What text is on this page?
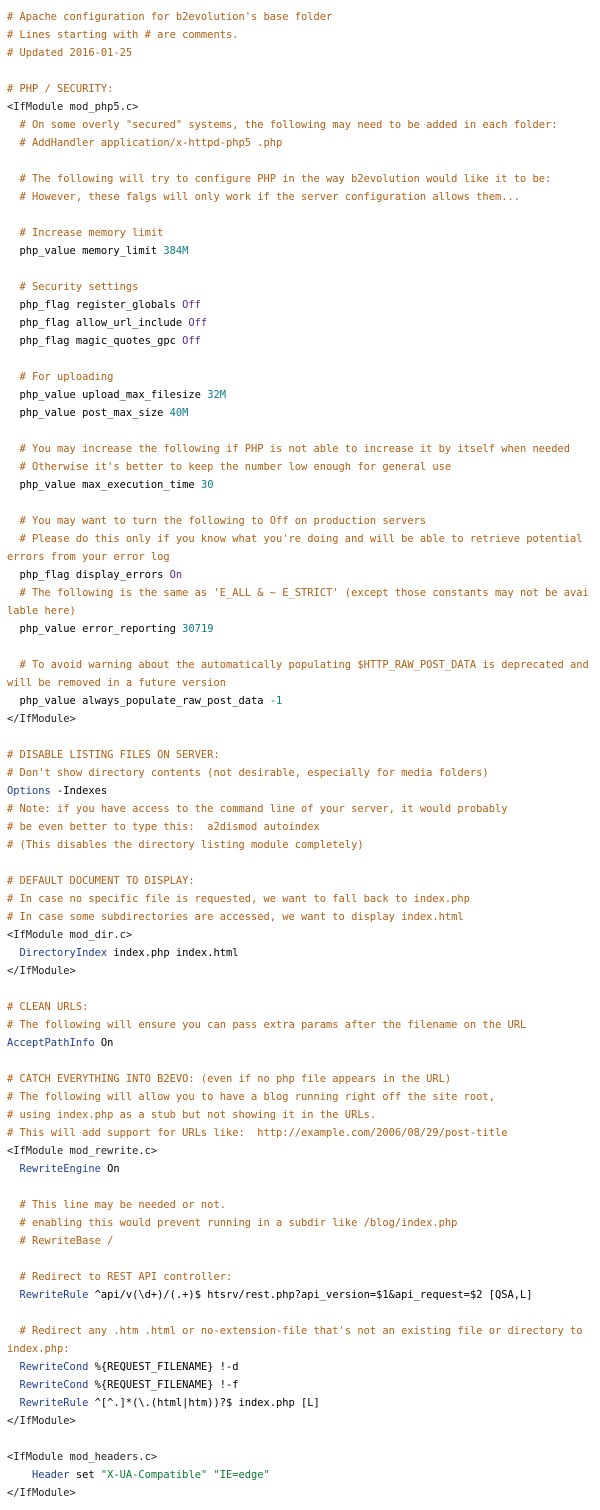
# Apache configuration for b2evolution's base folder
# Lines starting with # are comments.
# Updated 2016-01-25
# PHP / SECURITY:
<IfModule mod_php5.c>
# On some overly "secured" systems, the following may need to be added in each folder:
# AddHandler application/x-httpd-php5 .php
# The following will try to configure PHP in the way b2evolution would like it to be:
# However, these falgs will only work if the server configuration allows them...
# Increase memory limit
php_value memory_limit 384M
# Security settings
php_flag register_globals Off
php_flag allow_url_include Off
php_flag magic_quotes_gpc Off
# For uploading
php_value upload_max_filesize 32M
php_value post_max_size 40M
# You may increase the following if PHP is not able to increase it by itself when needed
# Otherwise it's better to keep the number low enough for general use
php_value max_execution_time 30
# You may want to turn the following to Off on production servers
# Please do this only if you know what you're doing and will be able to retrieve potential errors from your error log
php_flag display_errors On
# The following is the same as 'E_ALL & ~ E_STRICT' (except those constants may not be available here)
php_value error_reporting 30719
# To avoid warning about the automatically populating $HTTP_RAW_POST_DATA is deprecated and will be removed in a future version
php_value always_populate_raw_post_data -1
</IfModule>
# DISABLE LISTING FILES ON SERVER:
# Don't show directory contents (not desirable, especially for media folders)
Options -Indexes
# Note: if you have access to the command line of your server, it would probably
# be even better to type this:  a2dismod autoindex
# (This disables the directory listing module completely)
# DEFAULT DOCUMENT TO DISPLAY:
# In case no specific file is requested, we want to fall back to index.php
# In case some subdirectories are accessed, we want to display index.html
<IfModule mod_dir.c>
DirectoryIndex index.php index.html
</IfModule>
# CLEAN URLS:
# The following will ensure you can pass extra params after the filename on the URL
AcceptPathInfo On
# CATCH EVERYTHING INTO B2EVO: (even if no php file appears in the URL)
# The following will allow you to have a blog running right off the site root,
# using index.php as a stub but not showing it in the URLs.
# This will add support for URLs like:  http://example.com/2006/08/29/post-title
<IfModule mod_rewrite.c>
RewriteEngine On
# This line may be needed or not.
# enabling this would prevent running in a subdir like /blog/index.php
# RewriteBase /
# Redirect to REST API controller:
RewriteRule ^api/v(\d+)/(.+)$ htsrv/rest.php?api_version=$1&api_request=$2 [QSA,L]
# Redirect any .htm .html or no-extension-file that's not an existing file or directory to index.php:
RewriteCond %{REQUEST_FILENAME} !-d
RewriteCond %{REQUEST_FILENAME} !-f
RewriteRule ^[^.]*(\.(html|htm))?$ index.php [L]
</IfModule>
<IfModule mod_headers.c>
Header set "X-UA-Compatible" "IE=edge"
</IfModule>
